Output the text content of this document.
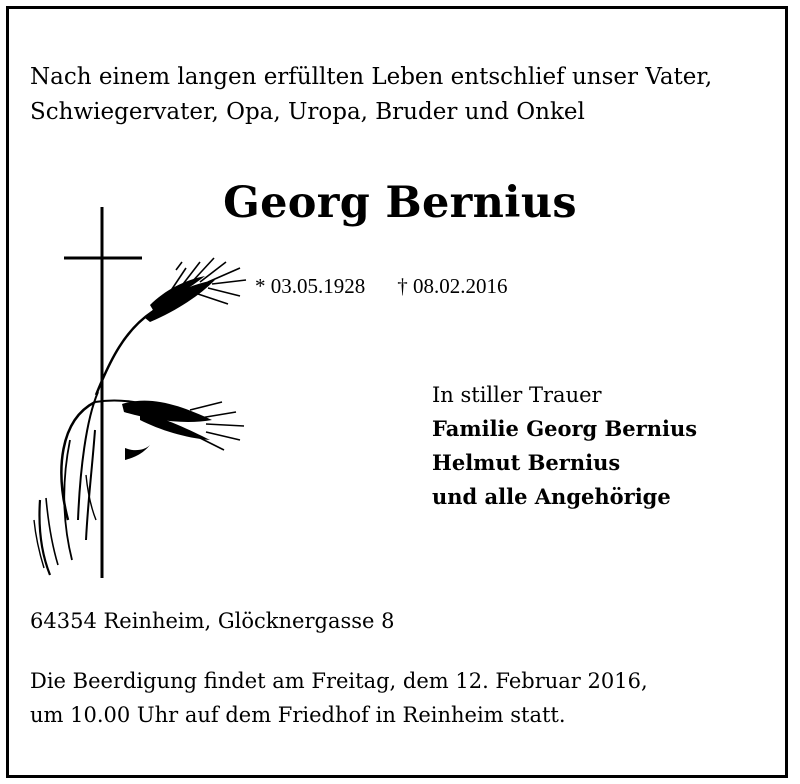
Nach einem langen erfüllten Leben entschlief unser Vater,
Schwiegervater, Opa, Uropa, Bruder und Onkel
Georg Bernius
* 03.05.1928 † 08.02.2016
In stiller Trauer
Familie Georg Bernius
Helmut Bernius
und alle Angehörige
64354 Reinheim, Glöcknergasse 8
Die Beerdigung findet am Freitag, dem 12. Februar 2016,
um 10.00 Uhr auf dem Friedhof in Reinheim statt.
